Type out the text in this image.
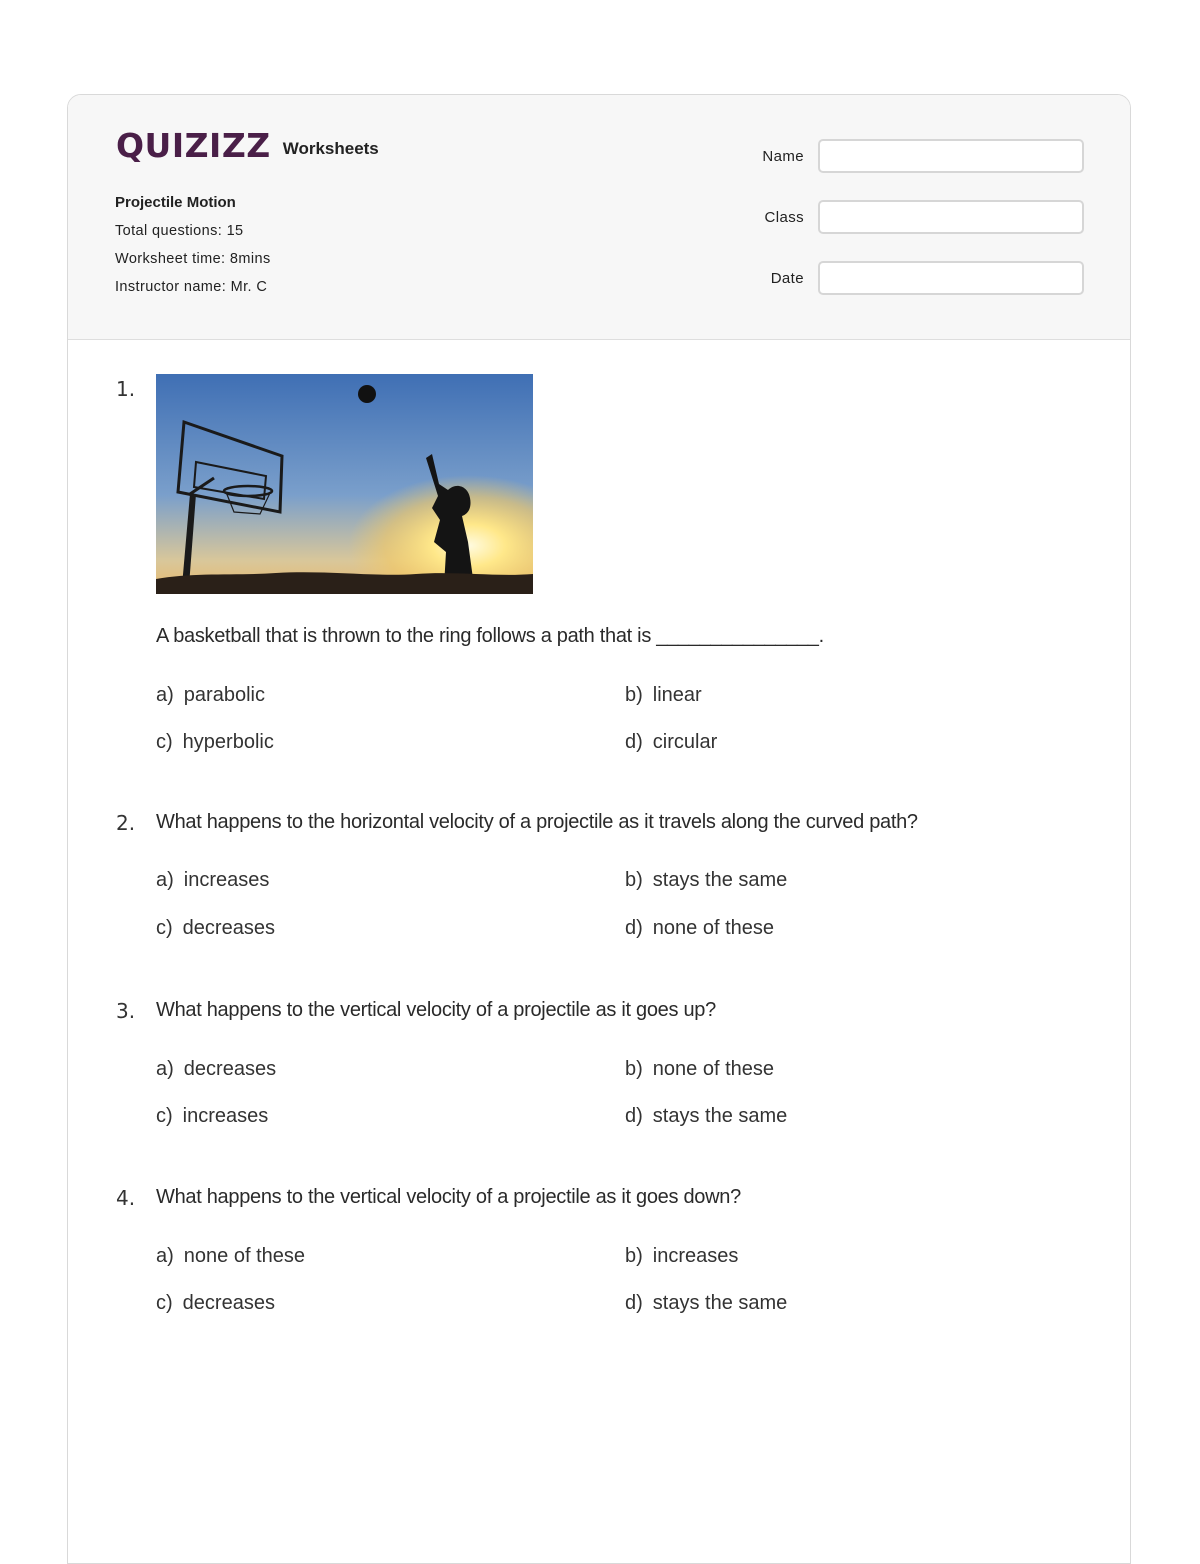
QUIZIZZ Worksheets
Projectile Motion
Total questions: 15
Worksheet time: 8mins
Instructor name: Mr. C
Name
Class
Date
1.
A basketball that is thrown to the ring follows a path that is _______________.
a) parabolic	b) linear
c) hyperbolic	d) circular
2. What happens to the horizontal velocity of a projectile as it travels along the curved path?
a) increases	b) stays the same
c) decreases	d) none of these
3. What happens to the vertical velocity of a projectile as it goes up?
a) decreases	b) none of these
c) increases	d) stays the same
4. What happens to the vertical velocity of a projectile as it goes down?
a) none of these	b) increases
c) decreases	d) stays the same
